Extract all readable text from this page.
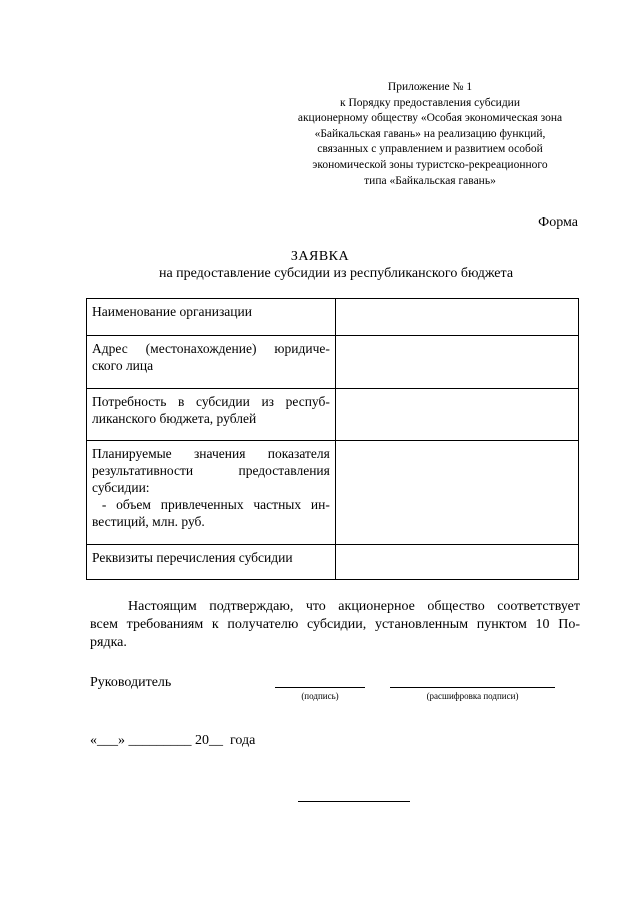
Приложение № 1
к Порядку предоставления субсидии
акционерному обществу «Особая экономическая зона
«Байкальская гавань» на реализацию функций,
связанных с управлением и развитием особой
экономической зоны туристско-рекреационного
типа «Байкальская гавань»
Форма
ЗАЯВКА
на предоставление субсидии из республиканского бюджета
Наименование организации	

Адрес (местонахождение) юридиче-
ского лица	

Потребность в субсидии из респуб-
ликанского бюджета, рублей	

Планируемые значения показателя
результативности предоставления
субсидии:
- объем привлеченных частных ин-
вестиций, млн. руб.	

Реквизиты перечисления субсидии	

Настоящим подтверждаю, что акционерное общество соответствует
всем требованиям к получателю субсидии, установленным пунктом 10 По-
рядка.
Руководитель
(подпись)	(расшифровка подписи)
«___» _________ 20__  года
